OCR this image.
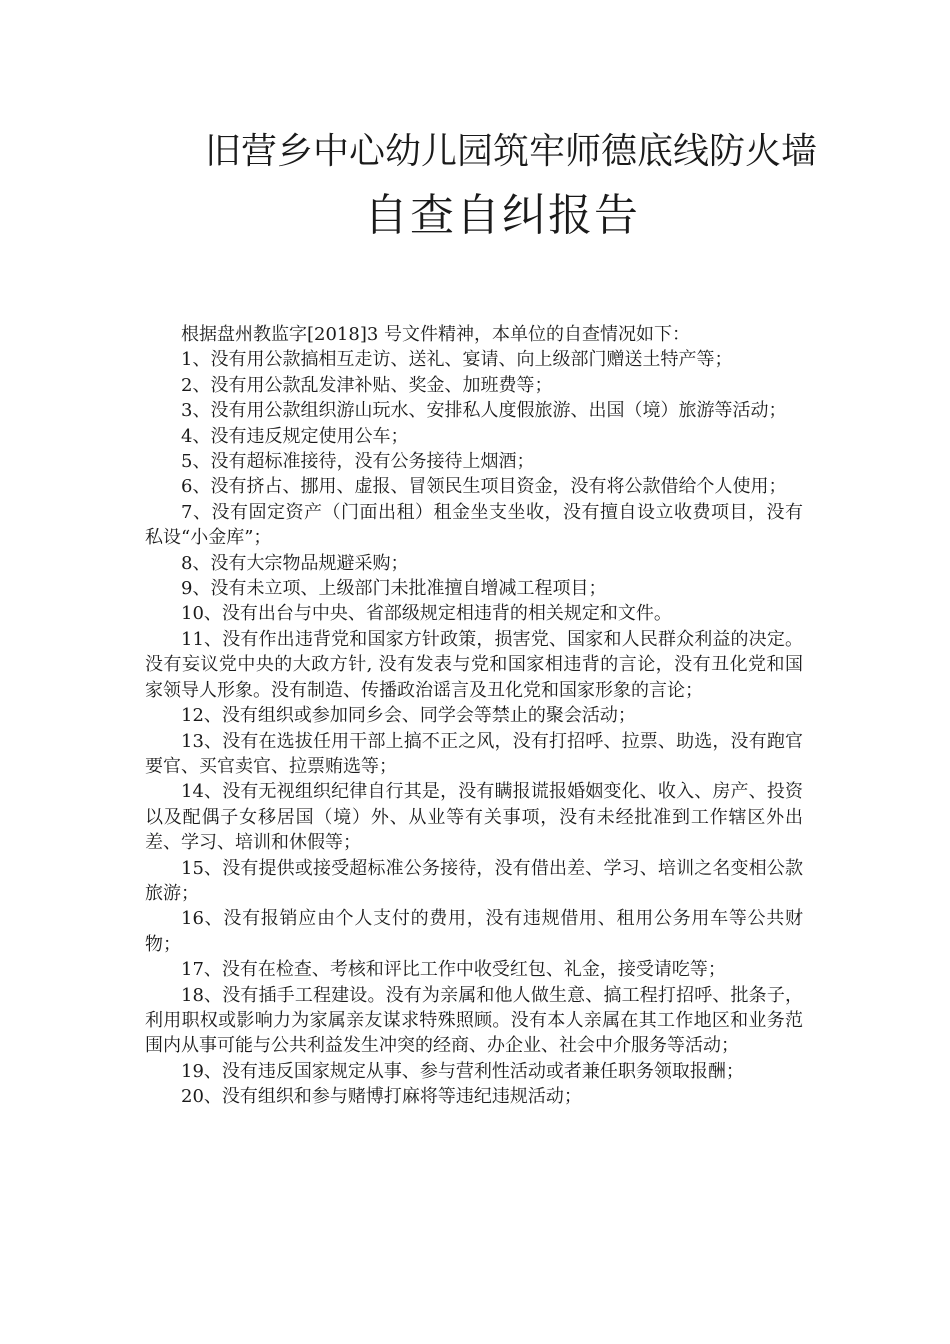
旧营乡中心幼儿园筑牢师德底线防火墙
自查自纠报告

根据盘州教监字[2018]3 号文件精神，本单位的自查情况如下：

1、没有用公款搞相互走访、送礼、宴请、向上级部门赠送土特产等；

2、没有用公款乱发津补贴、奖金、加班费等；

3、没有用公款组织游山玩水、安排私人度假旅游、出国（境）旅游等活动；

4、没有违反规定使用公车；

5、没有超标准接待，没有公务接待上烟酒；

6、没有挤占、挪用、虚报、冒领民生项目资金，没有将公款借给个人使用；

7、没有固定资产（门面出租）租金坐支坐收，没有擅自设立收费项目，没有私设“小金库”；

8、没有大宗物品规避采购；

9、没有未立项、上级部门未批准擅自增减工程项目；

10、没有出台与中央、省部级规定相违背的相关规定和文件。

11、没有作出违背党和国家方针政策，损害党、国家和人民群众利益的决定。没有妄议党中央的大政方针, 没有发表与党和国家相违背的言论，没有丑化党和国家领导人形象。没有制造、传播政治谣言及丑化党和国家形象的言论；

12、没有组织或参加同乡会、同学会等禁止的聚会活动；

13、没有在选拔任用干部上搞不正之风，没有打招呼、拉票、助选，没有跑官要官、买官卖官、拉票贿选等；

14、没有无视组织纪律自行其是，没有瞒报谎报婚姻变化、收入、房产、投资以及配偶子女移居国（境）外、从业等有关事项，没有未经批准到工作辖区外出差、学习、培训和休假等；

15、没有提供或接受超标准公务接待，没有借出差、学习、培训之名变相公款旅游；

16、没有报销应由个人支付的费用，没有违规借用、租用公务用车等公共财物；

17、没有在检查、考核和评比工作中收受红包、礼金，接受请吃等；

18、没有插手工程建设。没有为亲属和他人做生意、搞工程打招呼、批条子，利用职权或影响力为家属亲友谋求特殊照顾。没有本人亲属在其工作地区和业务范围内从事可能与公共利益发生冲突的经商、办企业、社会中介服务等活动；

19、没有违反国家规定从事、参与营利性活动或者兼任职务领取报酬；

20、没有组织和参与赌博打麻将等违纪违规活动；
